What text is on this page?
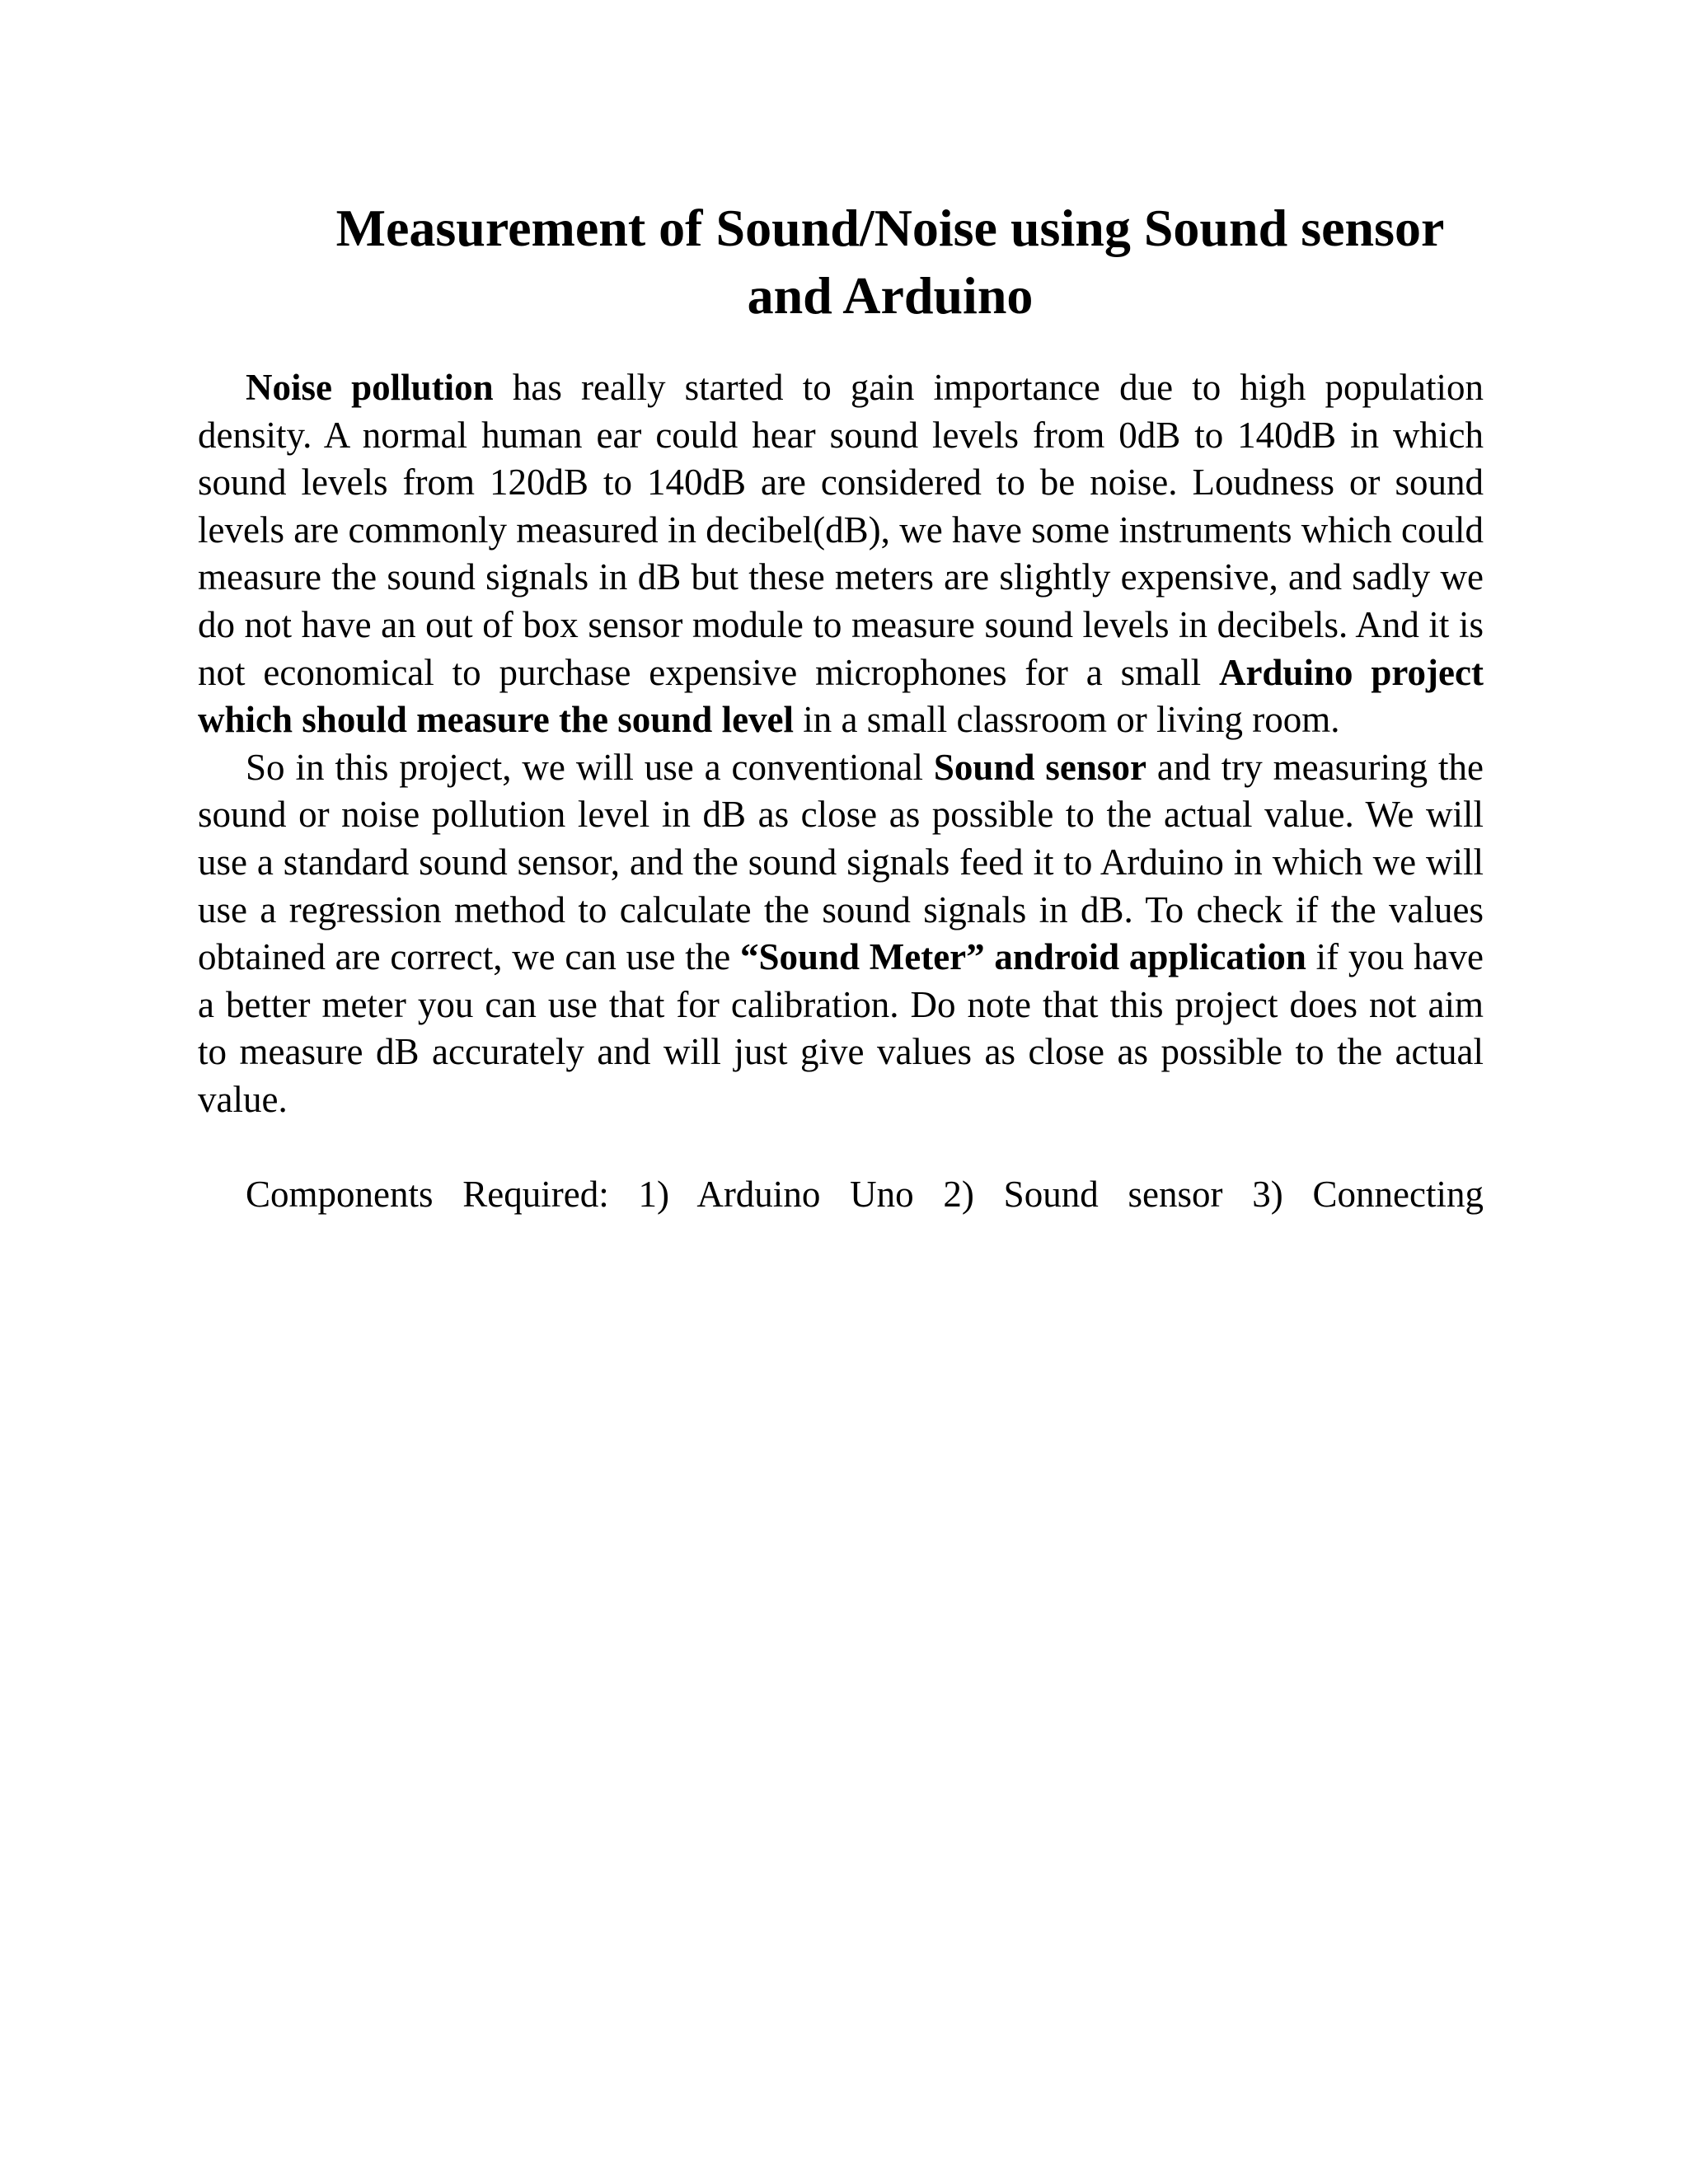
Measurement of Sound/Noise using Sound sensor
and Arduino

Noise pollution has really started to gain importance due to high population density. A normal human ear could hear sound levels from 0dB to 140dB in which sound levels from 120dB to 140dB are considered to be noise. Loudness or sound levels are commonly measured in decibel(dB), we have some instruments which could measure the sound signals in dB but these meters are slightly expensive, and sadly we do not have an out of box sensor module to measure sound levels in decibels. And it is not economical to purchase expensive microphones for a small Arduino project which should measure the sound level in a small classroom or living room.

So in this project, we will use a conventional Sound sensor and try measuring the sound or noise pollution level in dB as close as possible to the actual value. We will use a standard sound sensor, and the sound signals feed it to Arduino in which we will use a regression method to calculate the sound signals in dB. To check if the values obtained are correct, we can use the “Sound Meter” android application if you have a better meter you can use that for calibration. Do note that this project does not aim to measure dB accurately and will just give values as close as possible to the actual value.

Components Required: 1) Arduino Uno 2) Sound sensor 3) Connecting
